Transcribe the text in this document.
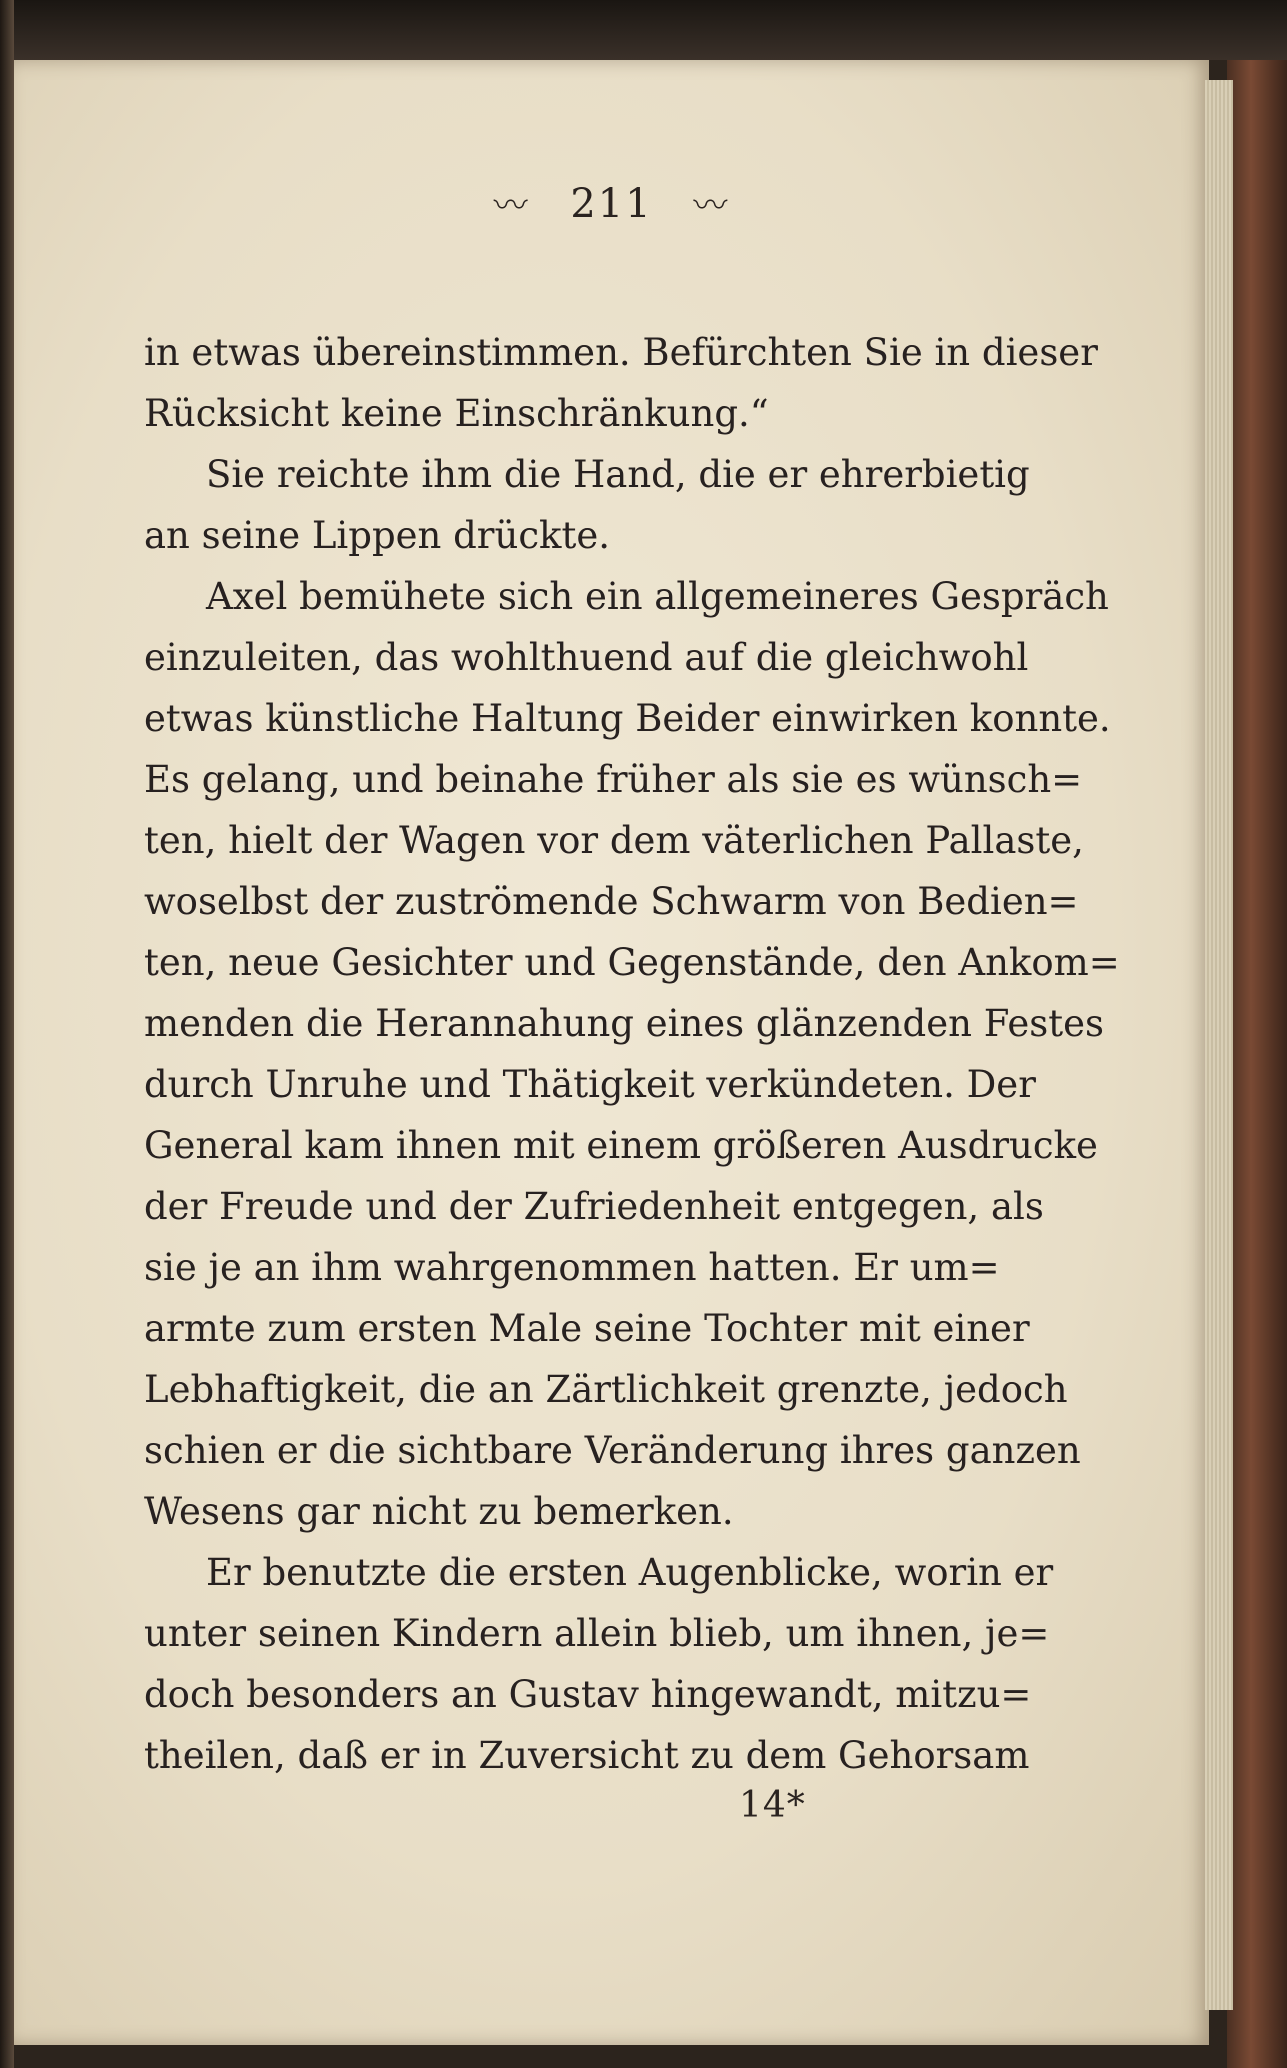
〰 211 〰
in etwas übereinstimmen. Befürchten Sie in dieser
Rücksicht keine Einschränkung.“
Sie reichte ihm die Hand, die er ehrerbietig
an seine Lippen drückte.
Axel bemühete sich ein allgemeineres Gespräch
einzuleiten, das wohlthuend auf die gleichwohl
etwas künstliche Haltung Beider einwirken konnte.
Es gelang, und beinahe früher als sie es wünsch=
ten, hielt der Wagen vor dem väterlichen Pallaste,
woselbst der zuströmende Schwarm von Bedien=
ten, neue Gesichter und Gegenstände, den Ankom=
menden die Herannahung eines glänzenden Festes
durch Unruhe und Thätigkeit verkündeten. Der
General kam ihnen mit einem größeren Ausdrucke
der Freude und der Zufriedenheit entgegen, als
sie je an ihm wahrgenommen hatten. Er um=
armte zum ersten Male seine Tochter mit einer
Lebhaftigkeit, die an Zärtlichkeit grenzte, jedoch
schien er die sichtbare Veränderung ihres ganzen
Wesens gar nicht zu bemerken.
Er benutzte die ersten Augenblicke, worin er
unter seinen Kindern allein blieb, um ihnen, je=
doch besonders an Gustav hingewandt, mitzu=
theilen, daß er in Zuversicht zu dem Gehorsam
14*
